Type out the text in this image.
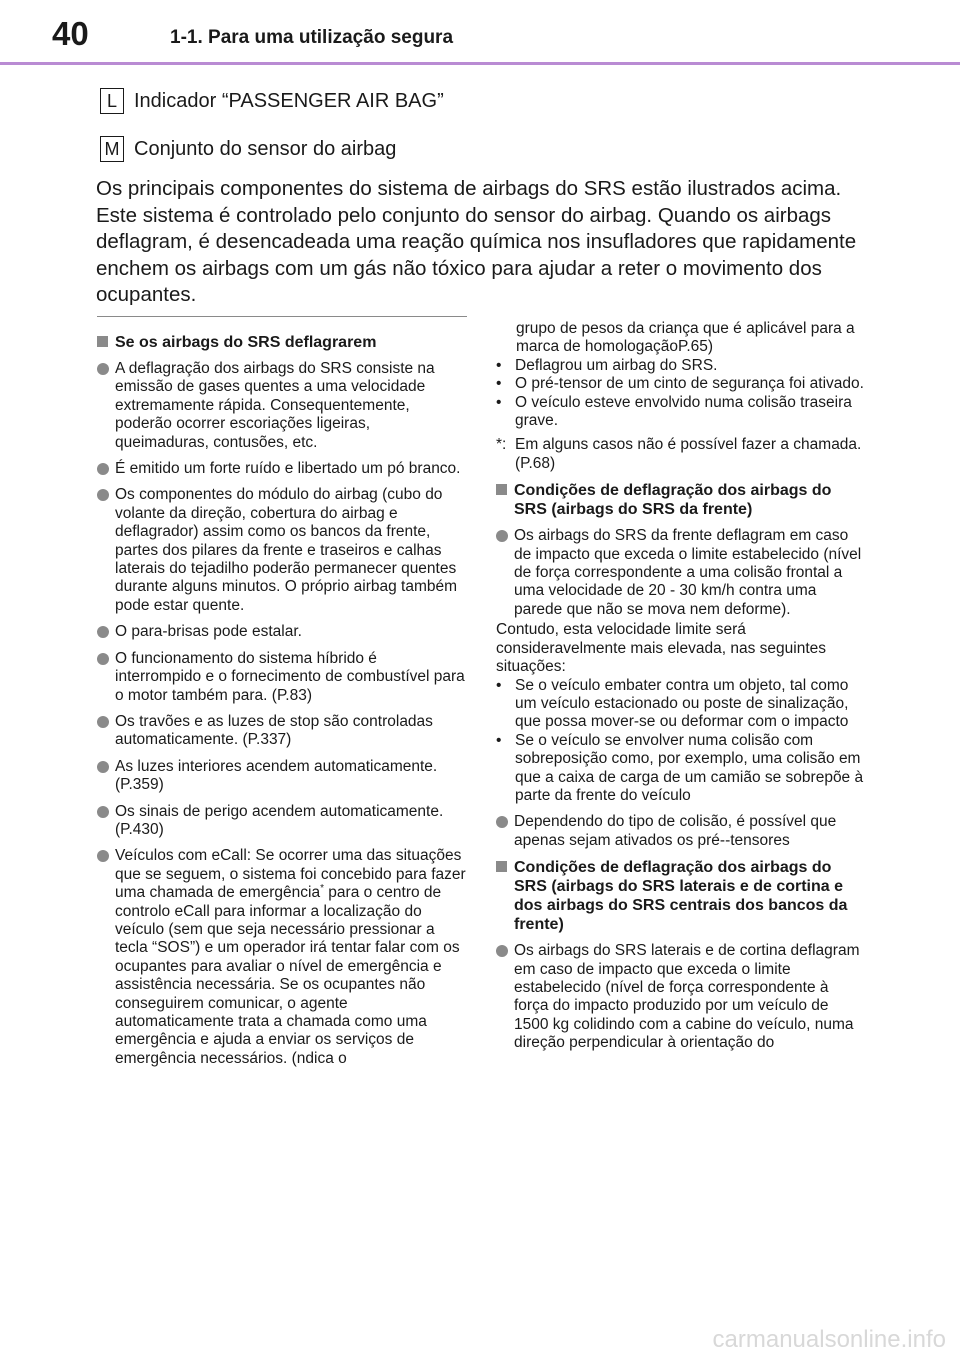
40	1-1. Para uma utilização segura
L Indicador “PASSENGER AIR BAG”
M Conjunto do sensor do airbag

Os principais componentes do sistema de airbags do SRS estão ilustrados acima. Este sistema é controlado pelo conjunto do sensor do airbag. Quando os airbags deflagram, é desencadeada uma reação química nos insufladores que rapidamente enchem os airbags com um gás não tóxico para ajudar a reter o movimento dos ocupantes.

Se os airbags do SRS deflagrarem
A deflagração dos airbags do SRS consiste na emissão de gases quentes a uma velocidade extremamente rápida. Consequentemente, poderão ocorrer escoriações ligeiras, queimaduras, contusões, etc.
É emitido um forte ruído e libertado um pó branco.
Os componentes do módulo do airbag (cubo do volante da direção, cobertura do airbag e deflagrador) assim como os bancos da frente, partes dos pilares da frente e traseiros e calhas laterais do tejadilho poderão permanecer quentes durante alguns minutos. O próprio airbag também pode estar quente.
O para-brisas pode estalar.
O funcionamento do sistema híbrido é interrompido e o fornecimento de combustível para o motor também para. (P.83)
Os travões e as luzes de stop são controladas automaticamente. (P.337)
As luzes interiores acendem automaticamente. (P.359)
Os sinais de perigo acendem automaticamente. (P.430)
Veículos com eCall: Se ocorrer uma das situações que se seguem, o sistema foi concebido para fazer uma chamada de emergência* para o centro de controlo eCall para informar a localização do veículo (sem que seja necessário pressionar a tecla “SOS”) e um operador irá tentar falar com os ocupantes para avaliar o nível de emergência e assistência necessária. Se os ocupantes não conseguirem comunicar, o agente automaticamente trata a chamada como uma emergência e ajuda a enviar os serviços de emergência necessários. (ndica o

grupo de pesos da criança que é aplicável para a marca de homologaçãoP.65)

• Deflagrou um airbag do SRS.
• O pré-tensor de um cinto de segurança foi ativado.
• O veículo esteve envolvido numa colisão traseira grave.
*: Em alguns casos não é possível fazer a chamada. (P.68)
Condições de deflagração dos airbags do SRS (airbags do SRS da frente)
Os airbags do SRS da frente deflagram em caso de impacto que exceda o limite estabelecido (nível de força correspondente a uma colisão frontal a uma velocidade de 20 - 30 km/h contra uma parede que não se mova nem deforme).

Contudo, esta velocidade limite será consideravelmente mais elevada, nas seguintes situações:

• Se o veículo embater contra um objeto, tal como um veículo estacionado ou poste de sinalização, que possa mover-se ou deformar com o impacto
• Se o veículo se envolver numa colisão com sobreposição como, por exemplo, uma colisão em que a caixa de carga de um camião se sobrepõe à parte da frente do veículo
Dependendo do tipo de colisão, é possível que apenas sejam ativados os pré--tensores
Condições de deflagração dos airbags do SRS (airbags do SRS laterais e de cortina e dos airbags do SRS centrais dos bancos da frente)
Os airbags do SRS laterais e de cortina deflagram em caso de impacto que exceda o limite estabelecido (nível de força correspondente à força do impacto produzido por um veículo de 1500 kg colidindo com a cabine do veículo, numa direção perpendicular à orientação do
carmanualsonline.info
